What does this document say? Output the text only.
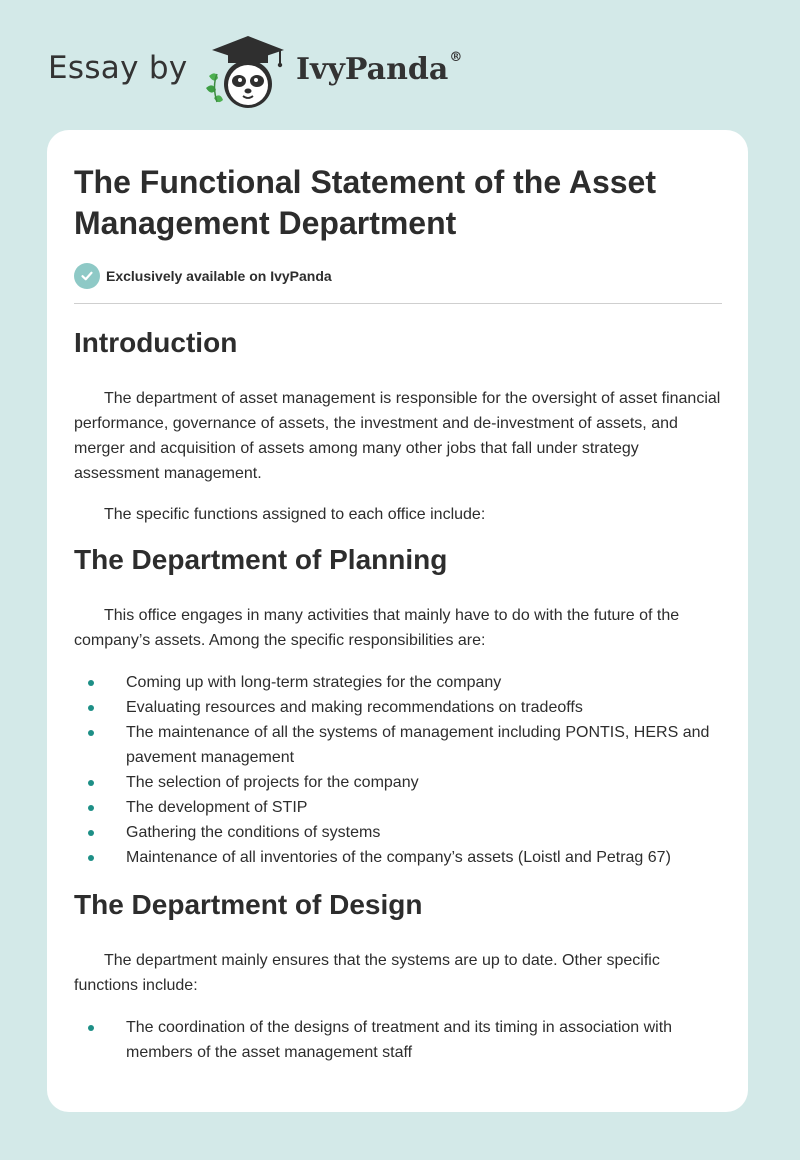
Essay by	IvyPanda®
The Functional Statement of the Asset Management Department
Exclusively available on IvyPanda
Introduction

The department of asset management is responsible for the oversight of asset financial performance, governance of assets, the investment and de-investment of assets, and merger and acquisition of assets among many other jobs that fall under strategy assessment management.

The specific functions assigned to each office include:

The Department of Planning

This office engages in many activities that mainly have to do with the future of the company’s assets. Among the specific responsibilities are:

Coming up with long-term strategies for the company
Evaluating resources and making recommendations on tradeoffs
The maintenance of all the systems of management including PONTIS, HERS and pavement management
The selection of projects for the company
The development of STIP
Gathering the conditions of systems
Maintenance of all inventories of the company’s assets (Loistl and Petrag 67)
The Department of Design

The department mainly ensures that the systems are up to date. Other specific functions include:

The coordination of the designs of treatment and its timing in association with members of the asset management staff
